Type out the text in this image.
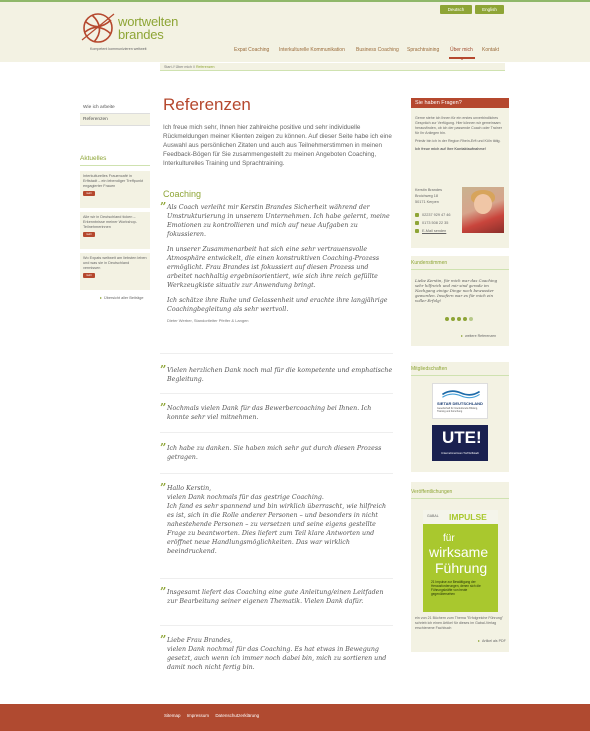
Deutsch	English
wortwelten
brandes
Kompetent kommunizieren weltweit	Expat Coaching Interkulturelle Kommunikation Business Coaching Sprachtraining Über mich Kontakt
Start // Über mich // Referenzen
Wie ich arbeite
Referenzen
Aktuelles
Interkulturelles Frauencafé in Erftstadt – ein lebendiger Treffpunkt engagierter Frauen
mehr
Alle wir in Deutschland ticken – Erkenntnisse meiner Workshop-Teilnehmerinnen
mehr
Wo Expats weltweit am liebsten leben und was sie in Deutschland vermissen
mehr
Übersicht aller Beiträge
Referenzen
Ich freue mich sehr, Ihnen hier zahlreiche positive und sehr individuelle Rückmeldungen meiner Klienten zeigen zu können. Auf dieser Seite habe ich eine Auswahl aus persönlichen Zitaten und auch aus Teilnehmerstimmen in meinen Feedback-Bögen für Sie zusammengestellt zu meinen Angeboten Coaching, Interkulturelles Training und Sprachtraining.
Coaching
” Als Coach verleiht mir Kerstin Brandes Sicherheit während der Umstrukturierung in unserem Unternehmen. Ich habe gelernt, meine Emotionen zu kontrollieren und mich auf neue Aufgaben zu fokussieren.

In unserer Zusammenarbeit hat sich eine sehr vertrauensvolle Atmosphäre entwickelt, die einen konstruktiven Coaching-Prozess ermöglicht. Frau Brandes ist fokussiert auf diesen Prozess und arbeitet nachhaltig ergebnisorientiert, wie sich ihre reich gefüllte Werkzeugkiste situativ zur Anwendung bringt.

Ich schätze ihre Ruhe und Gelassenheit und erachte ihre langjährige Coachingbegleitung als sehr wertvoll.

Dieter Werber, Standortleiter Pfeifer & Langen
” Vielen herzlichen Dank noch mal für die kompetente und emphatische Begleitung.
” Nochmals vielen Dank für das Bewerbercoaching bei Ihnen. Ich konnte sehr viel mitnehmen.
” Ich habe zu danken. Sie haben mich sehr gut durch diesen Prozess getragen.
” Hallo Kerstin,
vielen Dank nochmals für das gestrige Coaching.
Ich fand es sehr spannend und bin wirklich überrascht, wie hilfreich es ist, sich in die Rolle anderer Personen – und besonders in nicht nahestehende Personen – zu versetzen und seine eigens gestellte Frage zu beantworten. Dies liefert zum Teil klare Antworten und eröffnet neue Handlungsmöglichkeiten. Das war wirklich beeindruckend.
” Insgesamt liefert das Coaching eine gute Anleitung/einen Leitfaden zur Bearbeitung seiner eigenen Thematik. Vielen Dank dafür.
” Liebe Frau Brandes,
vielen Dank nochmal für das Coaching. Es hat etwas in Bewegung gesetzt, auch wenn ich immer noch dabei bin, mich zu sortieren und damit noch nicht fertig bin.
Sie haben Fragen?
Gerne stehe ich Ihnen für ein erstes unverbindliches Gespräch zur Verfügung. Hier können wir gemeinsam herausfinden, ob ich der passende Coach oder Trainer für Ihr Anliegen bin.
Primär bin ich in der Region Rhein-Erft und Köln tätig.
Ich freue mich auf Ihre Kontaktaufnahme!
Kerstin Brandes
Broichweg 18
50171 Kerpen
02237 929 47 46
0173 508 22 35
E-Mail senden
Kundenstimmen
Liebe Kerstin, für mich war das Coaching sehr hilfreich und mir sind gerade im Nachgang einige Dinge noch bewusster geworden. Insofern war es für mich ein voller Erfolg!
weitere Referenzen
Mitgliedschaften
SIETAR DEUTSCHLAND
Gesellschaft für Interkulturelle Bildung, Training und Forschung
UTE!
Unternehmerinnen Treff Erftstadt
Veröffentlichungen
GABAL IMPULSE
für
wirksame
Führung
21 Impulse zur Bewältigung der Herausforderungen, denen sich die Führungskräfte von heute gegenübersehen
ein von 21 Büchern zum Thema "Erfolgreiche Führung" schrieb ich einen Artikel für dieses im Gabal-Verlag erschienene Fachbuch
Artikel als PDF
Sitemap Impressum Datenschutzerklärung
